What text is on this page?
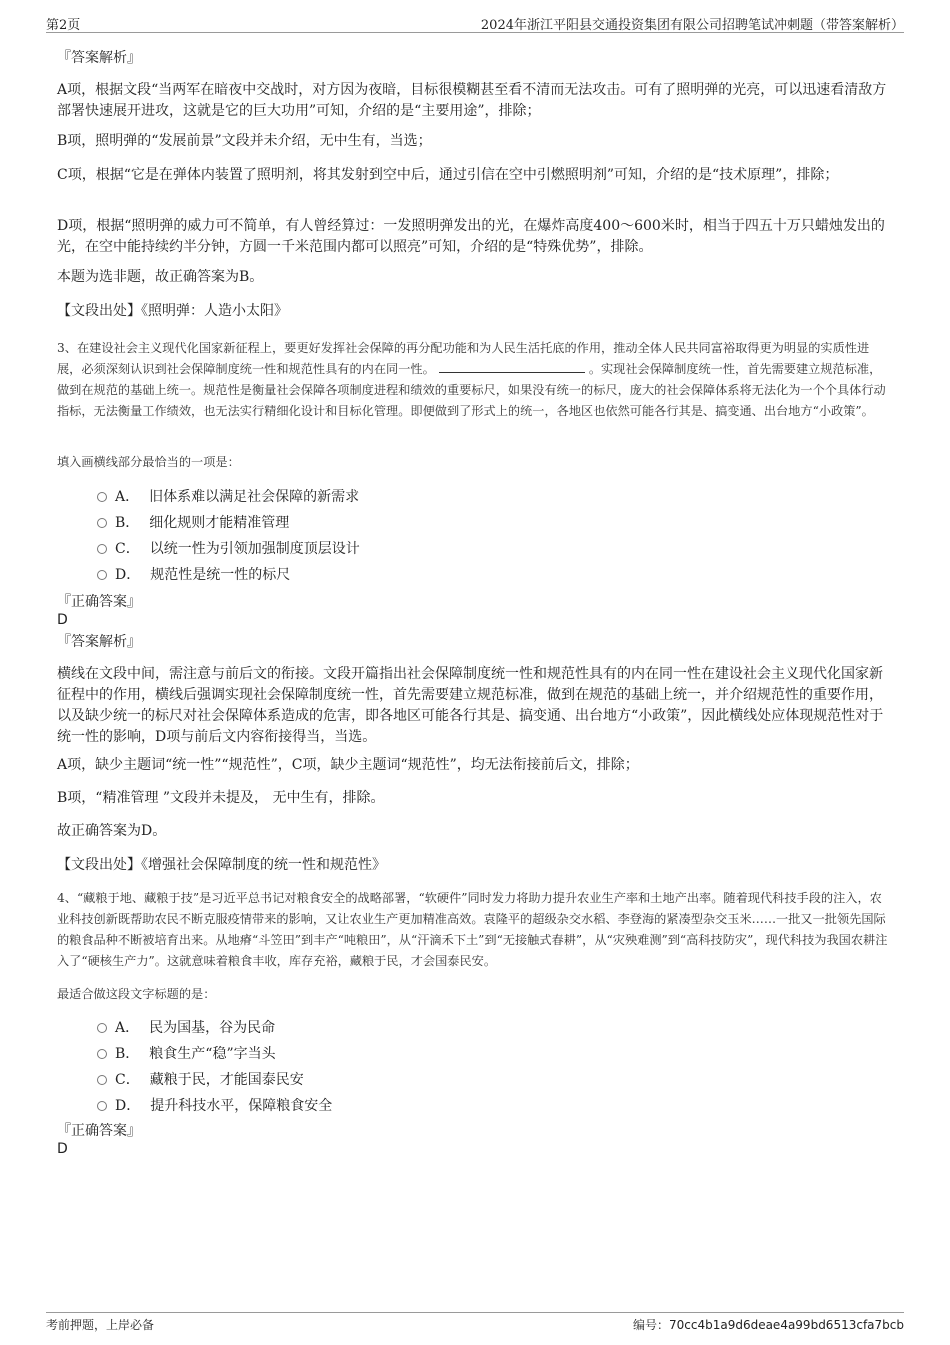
第2页	2024年浙江平阳县交通投资集团有限公司招聘笔试冲刺题（带答案解析）

『答案解析』

A项，根据文段“当两军在暗夜中交战时，对方因为夜暗，目标很模糊甚至看不清而无法攻击。可有了照明弹的光亮，可以迅速看清敌方部署快速展开进攻，这就是它的巨大功用”可知，介绍的是“主要用途”，排除；

B项，照明弹的“发展前景”文段并未介绍，无中生有，当选；

C项，根据“它是在弹体内装置了照明剂，将其发射到空中后，通过引信在空中引燃照明剂”可知，介绍的是“技术原理”，排除；

D项，根据“照明弹的威力可不简单，有人曾经算过：一发照明弹发出的光，在爆炸高度400～600米时，相当于四五十万只蜡烛发出的光，在空中能持续约半分钟，方圆一千米范围内都可以照亮”可知，介绍的是“特殊优势”，排除。

本题为选非题，故正确答案为B。

【文段出处】《照明弹：人造小太阳》

3、在建设社会主义现代化国家新征程上，要更好发挥社会保障的再分配功能和为人民生活托底的作用，推动全体人民共同富裕取得更为明显的实质性进展，必须深刻认识到社会保障制度统一性和规范性具有的内在同一性。	。实现社会保障制度统一性，首先需要建立规范标准，做到在规范的基础上统一。规范性是衡量社会保障各项制度进程和绩效的重要标尺，如果没有统一的标尺，庞大的社会保障体系将无法化为一个个具体行动指标，无法衡量工作绩效，也无法实行精细化设计和目标化管理。即便做到了形式上的统一，各地区也依然可能各行其是、搞变通、出台地方“小政策”。

填入画横线部分最恰当的一项是：

A． 旧体系难以满足社会保障的新需求
B． 细化规则才能精准管理
C． 以统一性为引领加强制度顶层设计
D． 规范性是统一性的标尺

『正确答案』

D

『答案解析』

横线在文段中间，需注意与前后文的衔接。文段开篇指出社会保障制度统一性和规范性具有的内在同一性在建设社会主义现代化国家新征程中的作用，横线后强调实现社会保障制度统一性，首先需要建立规范标准，做到在规范的基础上统一，并介绍规范性的重要作用，以及缺少统一的标尺对社会保障体系造成的危害，即各地区可能各行其是、搞变通、出台地方“小政策”，因此横线处应体现规范性对于统一性的影响，D项与前后文内容衔接得当，当选。

A项，缺少主题词“统一性”“规范性”，C项，缺少主题词“规范性”，均无法衔接前后文，排除；

B项，“精准管理 ”文段并未提及， 无中生有，排除。

故正确答案为D。

【文段出处】《增强社会保障制度的统一性和规范性》

4、“藏粮于地、藏粮于技”是习近平总书记对粮食安全的战略部署，“软硬件”同时发力将助力提升农业生产率和土地产出率。随着现代科技手段的注入，农业科技创新既帮助农民不断克服疫情带来的影响，又让农业生产更加精准高效。袁隆平的超级杂交水稻、李登海的紧凑型杂交玉米……一批又一批领先国际的粮食品种不断被培育出来。从地瘠“斗笠田”到丰产“吨粮田”，从“汗滴禾下土”到“无接触式春耕”，从“灾殃难测”到“高科技防灾”，现代科技为我国农耕注入了“硬核生产力”。这就意味着粮食丰收，库存充裕，藏粮于民，才会国泰民安。

最适合做这段文字标题的是：

A． 民为国基，谷为民命
B． 粮食生产“稳”字当头
C． 藏粮于民，才能国泰民安
D． 提升科技水平，保障粮食安全

『正确答案』

D

考前押题，上岸必备	编号：70cc4b1a9d6deae4a99bd6513cfa7bcb
